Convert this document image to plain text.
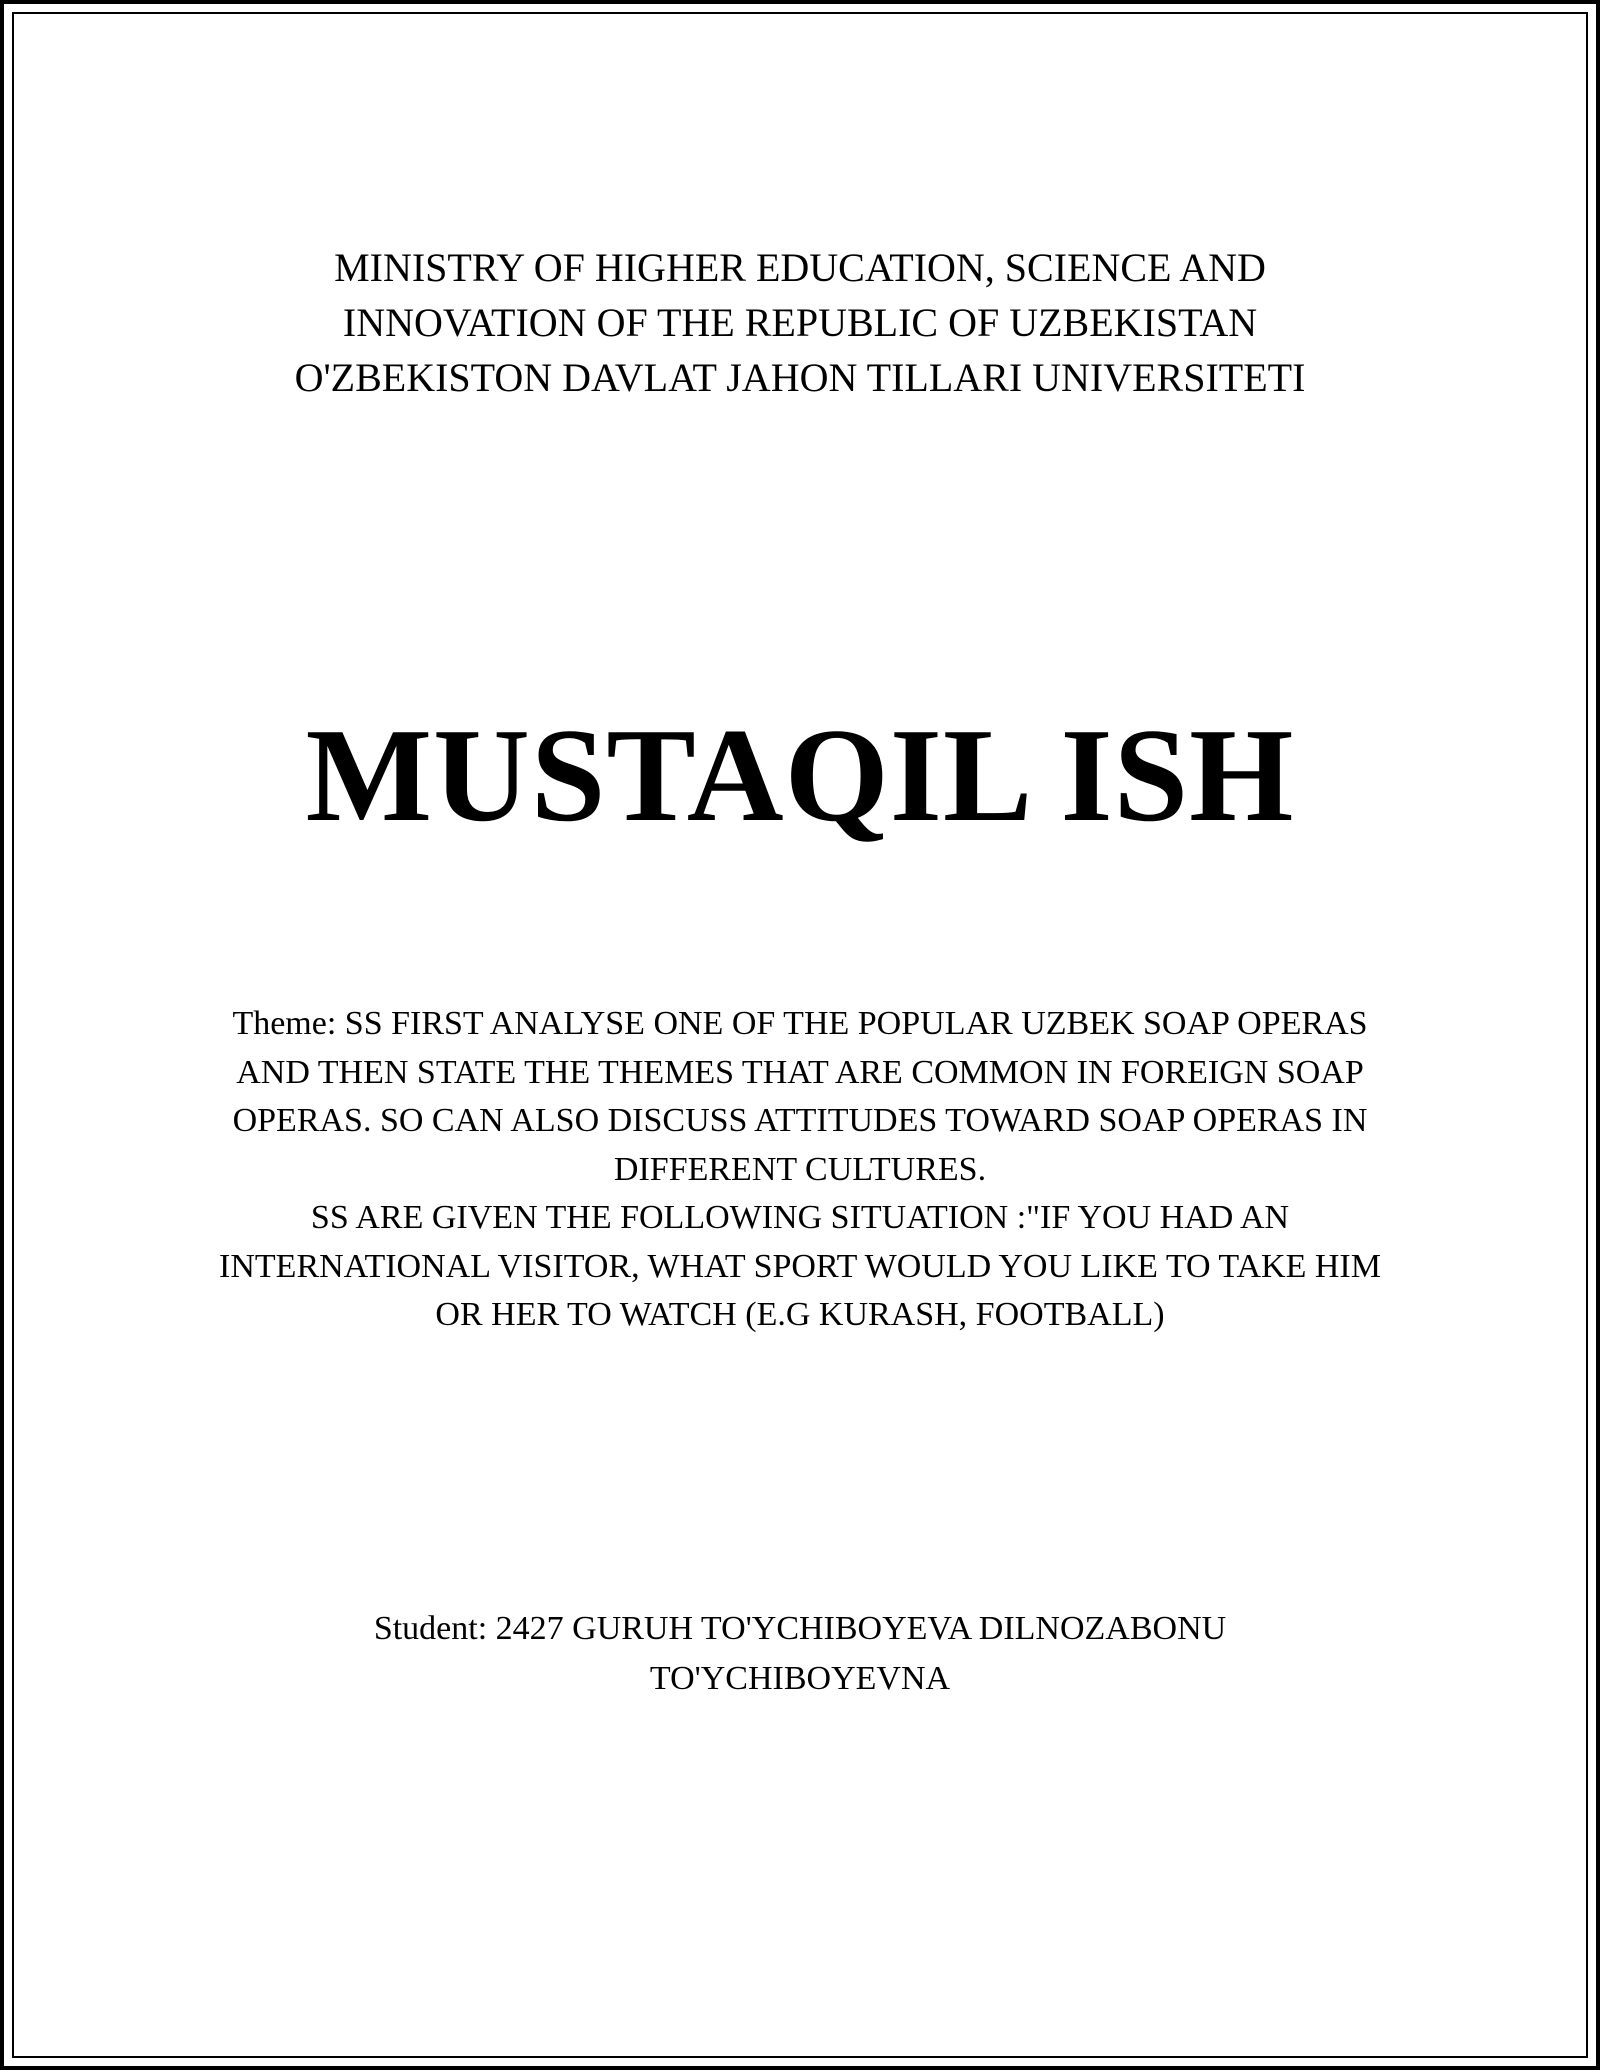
MINISTRY OF HIGHER EDUCATION, SCIENCE AND
INNOVATION OF THE REPUBLIC OF UZBEKISTAN
O'ZBEKISTON DAVLAT JAHON TILLARI UNIVERSITETI
MUSTAQIL ISH
Theme: SS FIRST ANALYSE ONE OF THE POPULAR UZBEK SOAP OPERAS AND THEN STATE THE THEMES THAT ARE COMMON IN FOREIGN SOAP OPERAS. SO CAN ALSO DISCUSS ATTITUDES TOWARD SOAP OPERAS IN DIFFERENT CULTURES.
SS ARE GIVEN THE FOLLOWING SITUATION :"IF YOU HAD AN INTERNATIONAL VISITOR, WHAT SPORT WOULD YOU LIKE TO TAKE HIM OR HER TO WATCH (E.G KURASH, FOOTBALL)
Student: 2427 GURUH TO'YCHIBOYEVA DILNOZABONU TO'YCHIBOYEVNA
